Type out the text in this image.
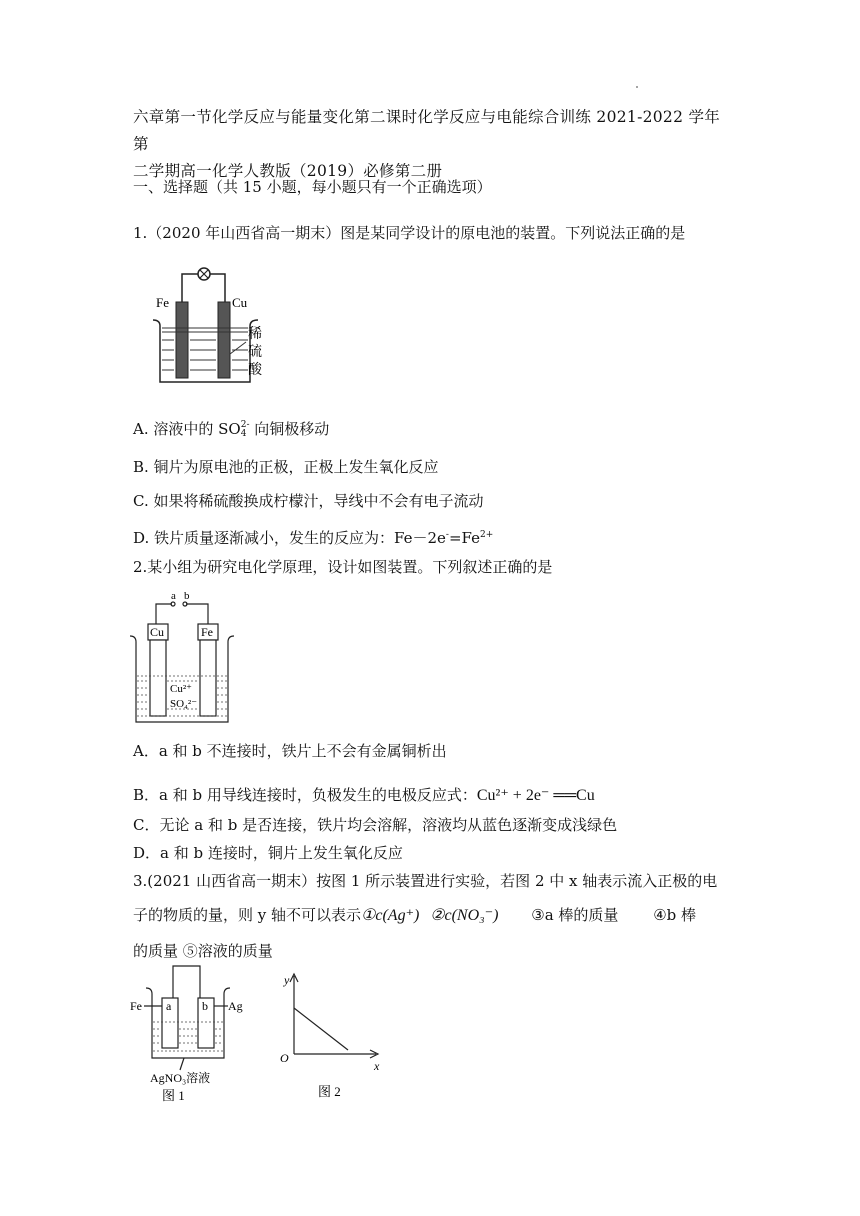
六章第一节化学反应与能量变化第二课时化学反应与电能综合训练 2021-2022 学年第
二学期高一化学人教版（2019）必修第二册
一、选择题（共 15 小题，每小题只有一个正确选项）
1.（2020 年山西省高一期末）图是某同学设计的原电池的装置。下列说法正确的是
Fe	Cu
稀
硫
酸
A. 溶液中的 SO 2-
4 向铜极移动
B. 铜片为原电池的正极，正极上发生氧化反应
C. 如果将稀硫酸换成柠檬汁，导线中不会有电子流动
D. 铁片质量逐渐减小，发生的反应为：$Fe-2e^-=Fe^{2+}$
2.某小组为研究电化学原理，设计如图装置。下列叙述正确的是
a b
Cu	Fe
Cu²⁺
SO₄²⁻
A．a 和 b 不连接时，铁片上不会有金属铜析出
B．a 和 b 用导线连接时，负极发生的电极反应式：Cu²⁺ + 2e⁻ ══Cu
C．无论 a 和 b 是否连接，铁片均会溶解，溶液均从蓝色逐渐变成浅绿色
D．a 和 b 连接时，铜片上发生氧化反应
3.(2021 山西省高一期末）按图 1 所示装置进行实验，若图 2 中 x 轴表示流入正极的电
子的物质的量，则 y 轴不可以表示①c(Ag⁺) ②c(NO₃⁻) ③a 棒的质量 ④b 棒
的质量 ⑤溶液的质量
Fe a	b Ag
AgNO₃溶液
图 1
y
O
x
图 2
